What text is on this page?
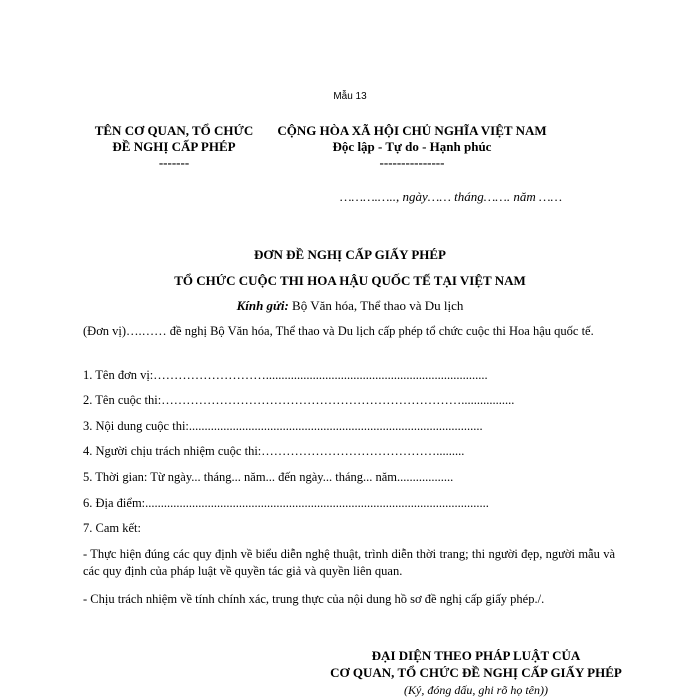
Mẫu 13
TÊN CƠ QUAN, TỔ CHỨC
ĐỀ NGHỊ CẤP PHÉP
-------
CỘNG HÒA XÃ HỘI CHỦ NGHĨA VIỆT NAM
Độc lập - Tự do - Hạnh phúc
---------------
……….….., ngày…… tháng……. năm ……
ĐƠN ĐỀ NGHỊ CẤP GIẤY PHÉP
TỔ CHỨC CUỘC THI HOA HẬU QUỐC TẾ TẠI VIỆT NAM
Kính gửi: Bộ Văn hóa, Thể thao và Du lịch
(Đơn vị)….…… đề nghị Bộ Văn hóa, Thể thao và Du lịch cấp phép tổ chức cuộc thi Hoa hậu quốc tế.
1. Tên đơn vị:……………………….......................................................................
2. Tên cuộc thi:……………………………………………………………….................
3. Nội dung cuộc thi:..............................................................................................
4. Người chịu trách nhiệm cuộc thi:…………………………………….........
5. Thời gian: Từ ngày... tháng... năm... đến ngày... tháng... năm..................
6. Địa điểm:..............................................................................................................
7. Cam kết:
- Thực hiện đúng các quy định về biểu diễn nghệ thuật, trình diễn thời trang; thi người đẹp, người mẫu và các quy định của pháp luật về quyền tác giả và quyền liên quan.
- Chịu trách nhiệm về tính chính xác, trung thực của nội dung hồ sơ đề nghị cấp giấy phép./.
ĐẠI DIỆN THEO PHÁP LUẬT CỦA
CƠ QUAN, TỔ CHỨC ĐỀ NGHỊ CẤP GIẤY PHÉP
(Ký, đóng dấu, ghi rõ họ tên))
